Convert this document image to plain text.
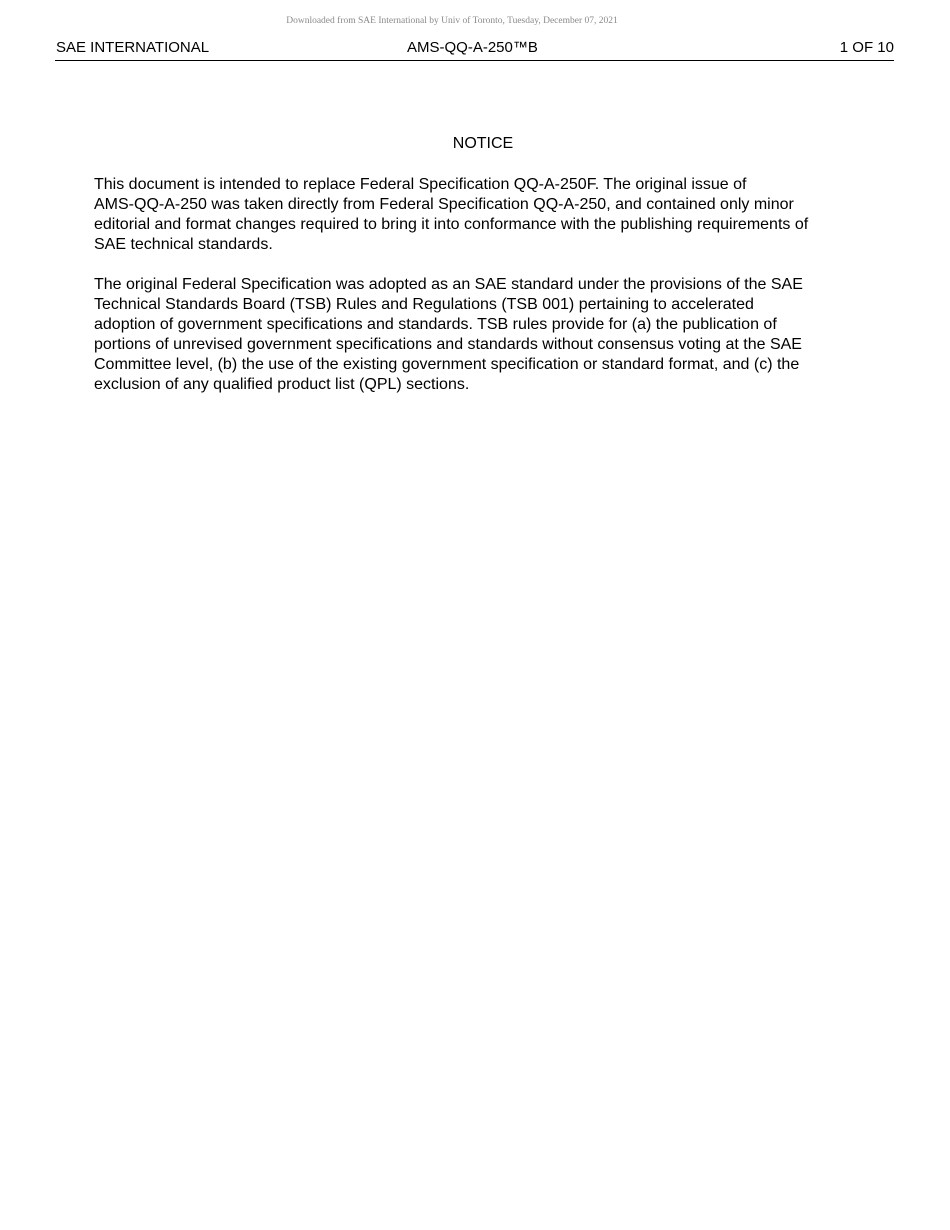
Downloaded from SAE International by Univ of Toronto, Tuesday, December 07, 2021
SAE INTERNATIONAL	AMS-QQ-A-250™B	1 OF 10
NOTICE
This document is intended to replace Federal Specification QQ-A-250F. The original issue of
AMS-QQ-A-250 was taken directly from Federal Specification QQ-A-250, and contained only minor
editorial and format changes required to bring it into conformance with the publishing requirements of
SAE technical standards.
The original Federal Specification was adopted as an SAE standard under the provisions of the SAE
Technical Standards Board (TSB) Rules and Regulations (TSB 001) pertaining to accelerated
adoption of government specifications and standards. TSB rules provide for (a) the publication of
portions of unrevised government specifications and standards without consensus voting at the SAE
Committee level, (b) the use of the existing government specification or standard format, and (c) the
exclusion of any qualified product list (QPL) sections.
